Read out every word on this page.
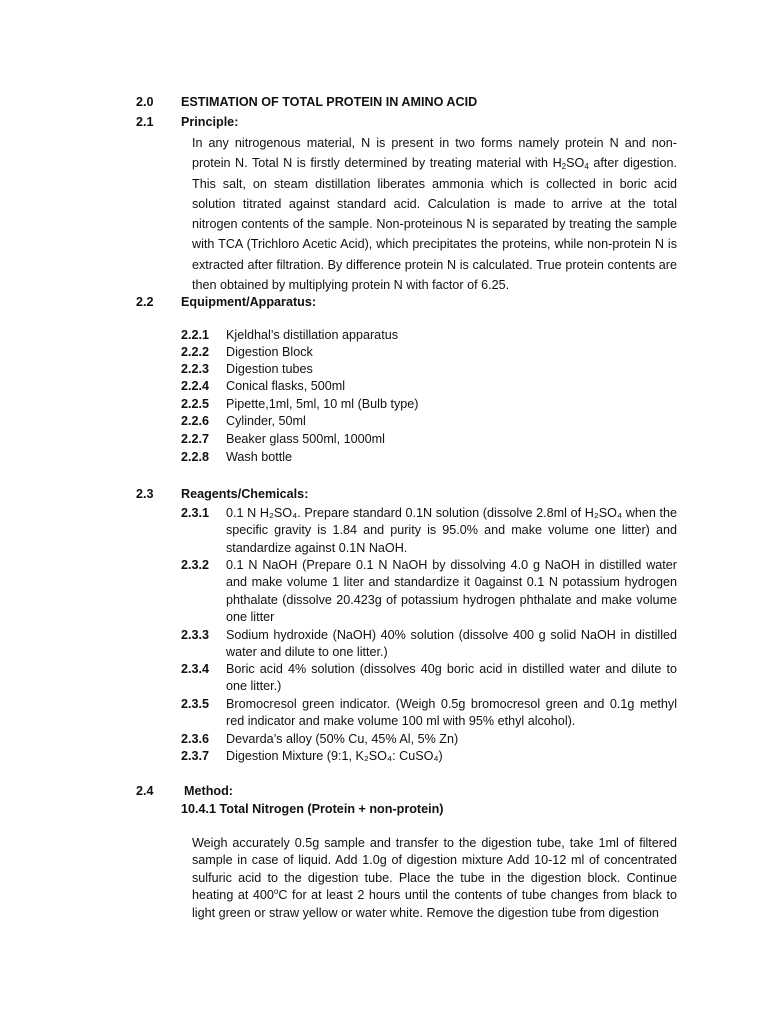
2.0 ESTIMATION OF TOTAL PROTEIN IN AMINO ACID
2.1 Principle:
In any nitrogenous material, N is present in two forms namely protein N and non-protein N. Total N is firstly determined by treating material with $H_2SO_4$ after digestion. This salt, on steam distillation liberates ammonia which is collected in boric acid solution titrated against standard acid. Calculation is made to arrive at the total nitrogen contents of the sample. Non-proteinous N is separated by treating the sample with TCA (Trichloro Acetic Acid), which precipitates the proteins, while non-protein N is extracted after filtration. By difference protein N is calculated. True protein contents are then obtained by multiplying protein N with factor of 6.25.
2.2 Equipment/Apparatus:
2.2.1 Kjeldhal’s distillation apparatus
2.2.2 Digestion Block
2.2.3 Digestion tubes
2.2.4 Conical flasks, 500ml
2.2.5 Pipette,1ml, 5ml, 10 ml (Bulb type)
2.2.6 Cylinder, 50ml
2.2.7 Beaker glass 500ml, 1000ml
2.2.8 Wash bottle
2.3 Reagents/Chemicals:
2.3.1 0.1 N H₂SO₄. Prepare standard 0.1N solution (dissolve 2.8ml of H₂SO₄ when the specific gravity is 1.84 and purity is 95.0% and make volume one litter) and standardize against 0.1N NaOH.
2.3.2 0.1 N NaOH (Prepare 0.1 N NaOH by dissolving 4.0 g NaOH in distilled water and make volume 1 liter and standardize it 0against 0.1 N potassium hydrogen phthalate (dissolve 20.423g of potassium hydrogen phthalate and make volume one litter
2.3.3 Sodium hydroxide (NaOH) 40% solution (dissolve 400 g solid NaOH in distilled water and dilute to one litter.)
2.3.4 Boric acid 4% solution (dissolves 40g boric acid in distilled water and dilute to one litter.)
2.3.5 Bromocresol green indicator. (Weigh 0.5g bromocresol green and 0.1g methyl red indicator and make volume 100 ml with 95% ethyl alcohol).
2.3.6 Devarda’s alloy (50% Cu, 45% Al, 5% Zn)
2.3.7 Digestion Mixture (9:1, K₂SO₄: CuSO₄)
2.4 Method:
10.4.1 Total Nitrogen (Protein + non-protein)
Weigh accurately 0.5g sample and transfer to the digestion tube, take 1ml of filtered sample in case of liquid. Add 1.0g of digestion mixture Add 10-12 ml of concentrated sulfuric acid to the digestion tube. Place the tube in the digestion block. Continue heating at 400$^o$C for at least 2 hours until the contents of tube changes from black to light green or straw yellow or water white. Remove the digestion tube from digestion
